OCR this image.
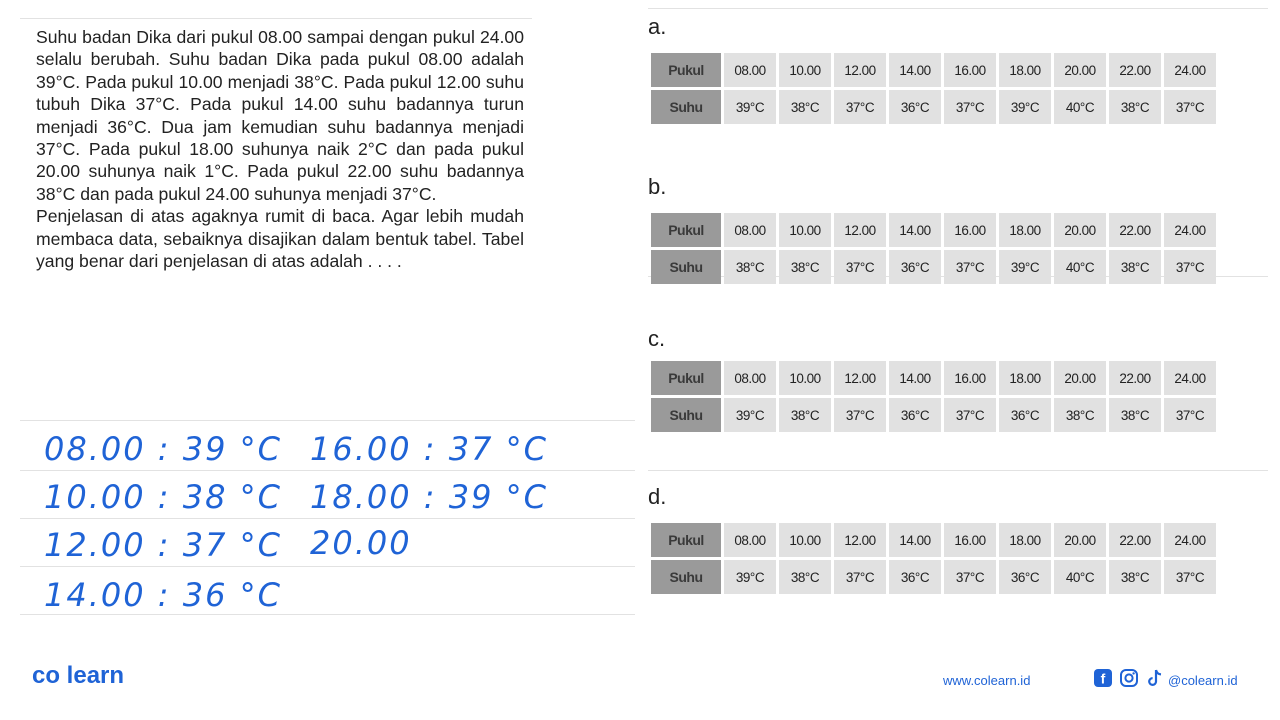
Suhu badan Dika dari pukul 08.00 sampai dengan pukul 24.00 selalu berubah. Suhu badan Dika pada pukul 08.00 adalah 39°C. Pada pukul 10.00 menjadi 38°C. Pada pukul 12.00 suhu tubuh Dika 37°C. Pada pukul 14.00 suhu badannya turun menjadi 36°C. Dua jam kemudian suhu badannya menjadi 37°C. Pada pukul 18.00 suhunya naik 2°C dan pada pukul 20.00 suhunya naik 1°C. Pada pukul 22.00 suhu badannya 38°C dan pada pukul 24.00 suhunya menjadi 37°C.

Penjelasan di atas agaknya rumit di baca. Agar lebih mudah membaca data, sebaiknya disajikan dalam bentuk tabel. Tabel yang benar dari penjelasan di atas adalah . . . .

08.00 : 39 °C
10.00 : 38 °C
12.00 : 37 °C
14.00 : 36 °C
16.00 : 37 °C
18.00 : 39 °C
20.00
a.
Pukul	08.00	10.00	12.00	14.00	16.00	18.00	20.00	22.00	24.00
Suhu	39°C	38°C	37°C	36°C	37°C	39°C	40°C	38°C	37°C
b.
Pukul	08.00	10.00	12.00	14.00	16.00	18.00	20.00	22.00	24.00
Suhu	38°C	38°C	37°C	36°C	37°C	39°C	40°C	38°C	37°C
c.
Pukul	08.00	10.00	12.00	14.00	16.00	18.00	20.00	22.00	24.00
Suhu	39°C	38°C	37°C	36°C	37°C	36°C	38°C	38°C	37°C
d.
Pukul	08.00	10.00	12.00	14.00	16.00	18.00	20.00	22.00	24.00
Suhu	39°C	38°C	37°C	36°C	37°C	36°C	40°C	38°C	37°C
co learn	www.colearn.id	f	@colearn.id
